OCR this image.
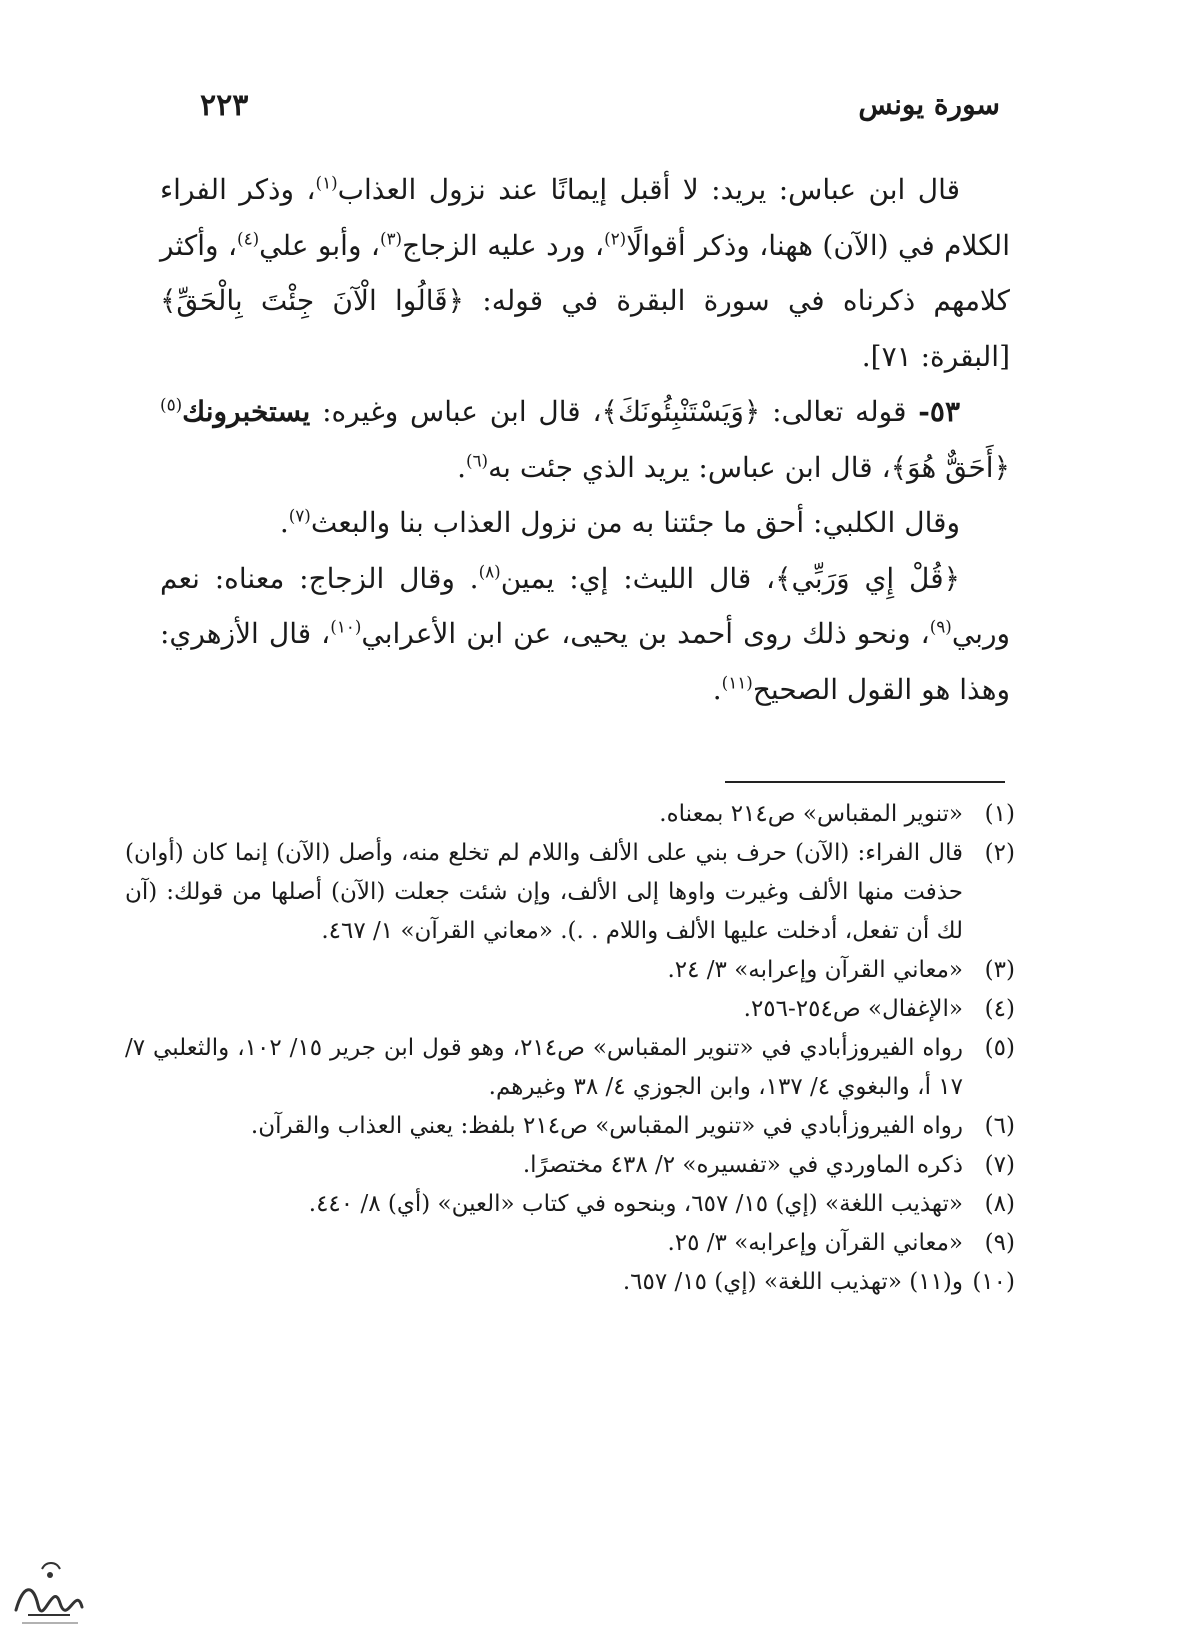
سورة يونس
٢٢٣

قال ابن عباس: يريد: لا أقبل إيمانًا عند نزول العذاب$^{(١)}$، وذكر الفراء الكلام في (الآن) ههنا، وذكر أقوالًا$^{(٢)}$، ورد عليه الزجاج$^{(٣)}$، وأبو علي$^{(٤)}$، وأكثر كلامهم ذكرناه في سورة البقرة في قوله: ﴿قَالُوا الْآنَ جِئْتَ بِالْحَقِّ﴾ [البقرة: ٧١].

٥٣- قوله تعالى: ﴿وَيَسْتَنْبِئُونَكَ﴾، قال ابن عباس وغيره: يستخبرونك$^{(٥)}$ ﴿أَحَقٌّ هُوَ﴾، قال ابن عباس: يريد الذي جئت به$^{(٦)}$.

وقال الكلبي: أحق ما جئتنا به من نزول العذاب بنا والبعث$^{(٧)}$.

﴿قُلْ إِي وَرَبِّي﴾، قال الليث: إي: يمين$^{(٨)}$. وقال الزجاج: معناه: نعم وربي$^{(٩)}$، ونحو ذلك روى أحمد بن يحيى، عن ابن الأعرابي$^{(١٠)}$، قال الأزهري: وهذا هو القول الصحيح$^{(١١)}$.

(١)
«تنوير المقباس» ص٢١٤ بمعناه.
(٢)
قال الفراء: (الآن) حرف بني على الألف واللام لم تخلع منه، وأصل (الآن) إنما كان (أوان) حذفت منها الألف وغيرت واوها إلى الألف، وإن شئت جعلت (الآن) أصلها من قولك: (آن لك أن تفعل، أدخلت عليها الألف واللام . .). «معاني القرآن» ١/ ٤٦٧.
(٣)
«معاني القرآن وإعرابه» ٣/ ٢٤.
(٤)
«الإغفال» ص٢٥٤-٢٥٦.
(٥)
رواه الفيروزأبادي في «تنوير المقباس» ص٢١٤، وهو قول ابن جرير ١٥/ ١٠٢، والثعلبي ٧/ ١٧ أ، والبغوي ٤/ ١٣٧، وابن الجوزي ٤/ ٣٨ وغيرهم.
(٦)
رواه الفيروزأبادي في «تنوير المقباس» ص٢١٤ بلفظ: يعني العذاب والقرآن.
(٧)
ذكره الماوردي في «تفسيره» ٢/ ٤٣٨ مختصرًا.
(٨)
«تهذيب اللغة» (إي) ١٥/ ٦٥٧، وبنحوه في كتاب «العين» (أي) ٨/ ٤٤٠.
(٩)
«معاني القرآن وإعرابه» ٣/ ٢٥.
(١٠)
و(١١) «تهذيب اللغة» (إي) ١٥/ ٦٥٧.
